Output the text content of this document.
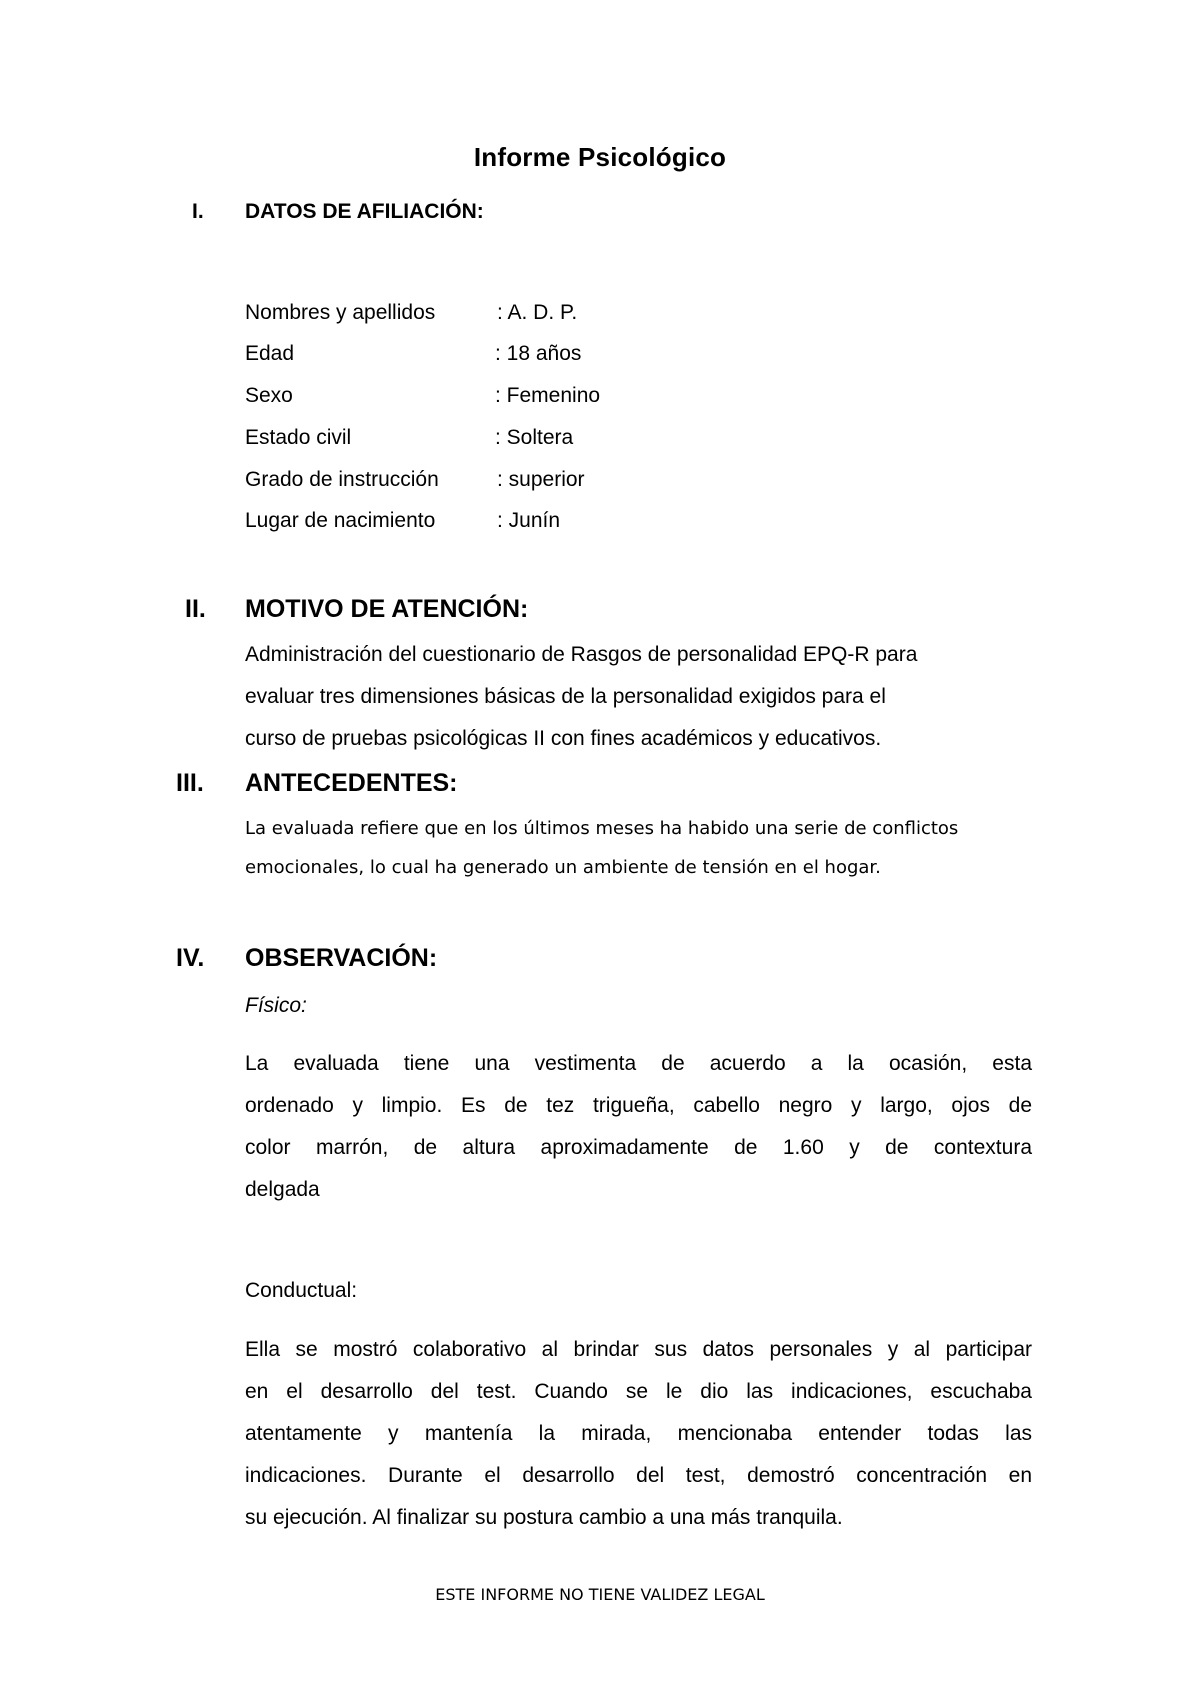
Informe Psicológico
I. DATOS DE AFILIACIÓN:
Nombres y apellidos	: A. D. P.
Edad	: 18 años
Sexo	: Femenino
Estado civil	: Soltera
Grado de instrucción	: superior
Lugar de nacimiento	: Junín
II. MOTIVO DE ATENCIÓN:
Administración del cuestionario de Rasgos de personalidad EPQ-R para
evaluar tres dimensiones básicas de la personalidad exigidos para el
curso de pruebas psicológicas II con fines académicos y educativos.
III. ANTECEDENTES:
La evaluada refiere que en los últimos meses ha habido una serie de conflictos
emocionales, lo cual ha generado un ambiente de tensión en el hogar.
IV. OBSERVACIÓN:
Físico:
La evaluada tiene una vestimenta de acuerdo a la ocasión, esta
ordenado y limpio. Es de tez trigueña, cabello negro y largo, ojos de
color marrón, de altura aproximadamente de 1.60 y de contextura
delgada
Conductual:
Ella se mostró colaborativo al brindar sus datos personales y al participar
en el desarrollo del test. Cuando se le dio las indicaciones, escuchaba
atentamente y mantenía la mirada, mencionaba entender todas las
indicaciones. Durante el desarrollo del test, demostró concentración en
su ejecución. Al finalizar su postura cambio a una más tranquila.
ESTE INFORME NO TIENE VALIDEZ LEGAL
